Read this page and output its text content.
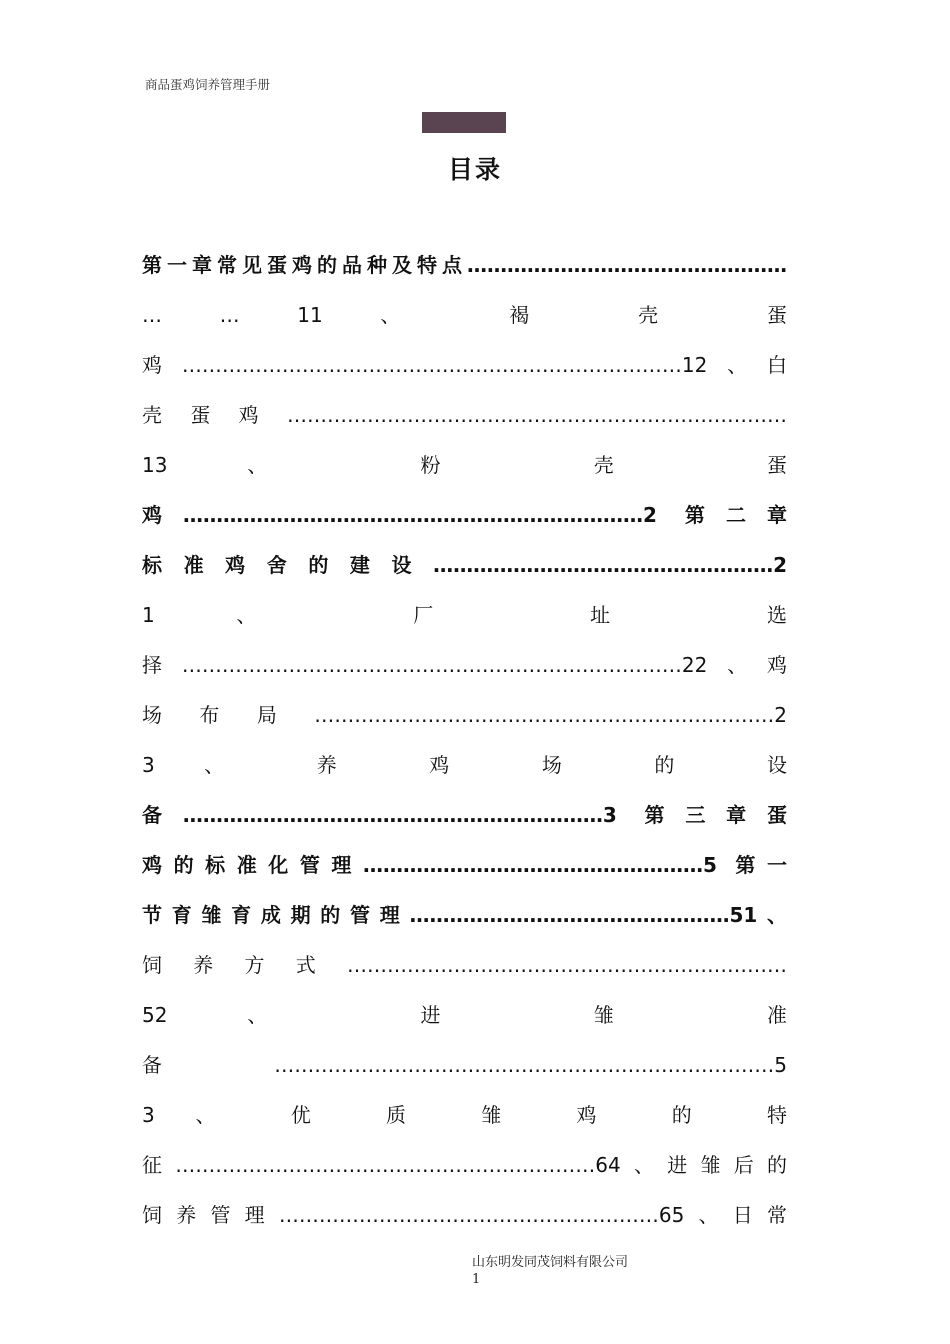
商品蛋鸡饲养管理手册
目录
第一章常见蛋鸡的品种及特点…………………………………………
… … 11 、 褐 壳 蛋
鸡…………………………………………………………………12、白
壳蛋鸡…………………………………………………………………
13 、 粉 壳 蛋
鸡……………………………………………………………2 第二章
标准鸡舍的建设……………………………………………2
1 、 厂 址 选
择…………………………………………………………………22、鸡
场布局……………………………………………………………2
3 、 养 鸡 场 的 设
备………………………………………………………3 第三章蛋
鸡的标准化管理……………………………………………5 第一
节育雏育成期的管理…………………………………………51、
饲养方式…………………………………………………………
52 、 进 雏 准
备…………………………………………………………………5
3 、 优 质 雏 鸡 的 特
征………………………………………………………64、进雏后的
饲养管理…………………………………………………65、日常
山东明发同茂饲料有限公司
1
